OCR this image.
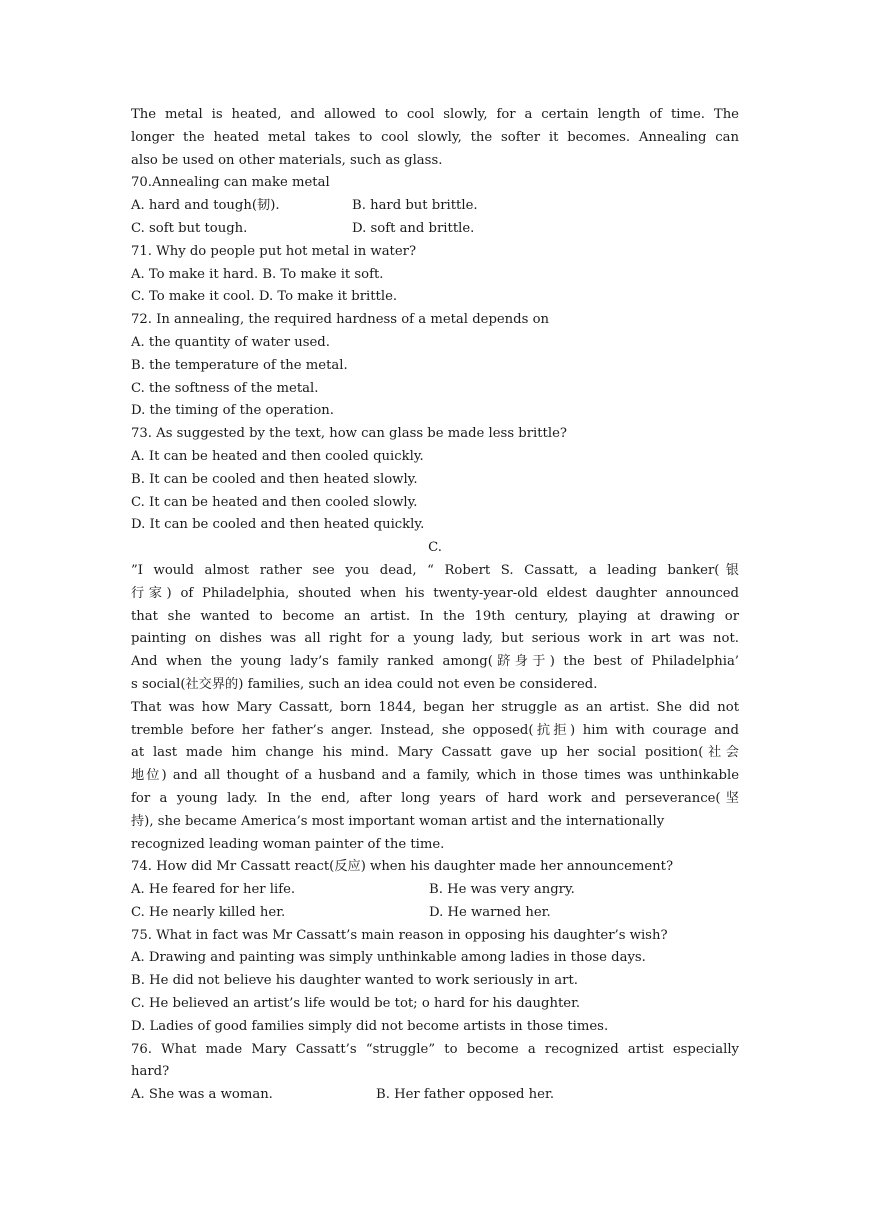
The metal is heated, and allowed to cool slowly, for a certain length of time. The
longer the heated metal takes to cool slowly, the softer it becomes. Annealing can
also be used on other materials, such as glass.
70.Annealing can make metal
A. hard and tough(韧).	B. hard but brittle.
C. soft but tough.	D. soft and brittle.
71. Why do people put hot metal in water?
A. To make it hard. B. To make it soft.
C. To make it cool. D. To make it brittle.
72. In annealing, the required hardness of a metal depends on
A. the quantity of water used.
B. the temperature of the metal.
C. the softness of the metal.
D. the timing of the operation.
73. As suggested by the text, how can glass be made less brittle?
A. It can be heated and then cooled quickly.
B. It can be cooled and then heated slowly.
C. It can be heated and then cooled slowly.
D. It can be cooled and then heated quickly.
C.
”I would almost rather see you dead, “ Robert S. Cassatt, a leading banker(银
行家) of Philadelphia, shouted when his twenty-year-old eldest daughter announced
that she wanted to become an artist. In the 19th century, playing at drawing or
painting on dishes was all right for a young lady, but serious work in art was not.
And when the young lady’s family ranked among(跻身于) the best of Philadelphia’
s social(社交界的) families, such an idea could not even be considered.
That was how Mary Cassatt, born 1844, began her struggle as an artist. She did not
tremble before her father’s anger. Instead, she opposed(抗拒) him with courage and
at last made him change his mind. Mary Cassatt gave up her social position(社会
地位) and all thought of a husband and a family, which in those times was unthinkable
for a young lady. In the end, after long years of hard work and perseverance(坚
持), she became America’s most important woman artist and the internationally
recognized leading woman painter of the time.
74. How did Mr Cassatt react(反应) when his daughter made her announcement?
A. He feared for her life.	B. He was very angry.
C. He nearly killed her.	D. He warned her.
75. What in fact was Mr Cassatt’s main reason in opposing his daughter’s wish?
A. Drawing and painting was simply unthinkable among ladies in those days.
B. He did not believe his daughter wanted to work seriously in art.
C. He believed an artist’s life would be tot; o hard for his daughter.
D. Ladies of good families simply did not become artists in those times.
76. What made Mary Cassatt’s “struggle” to become a recognized artist especially
hard?
A. She was a woman.	B. Her father opposed her.
